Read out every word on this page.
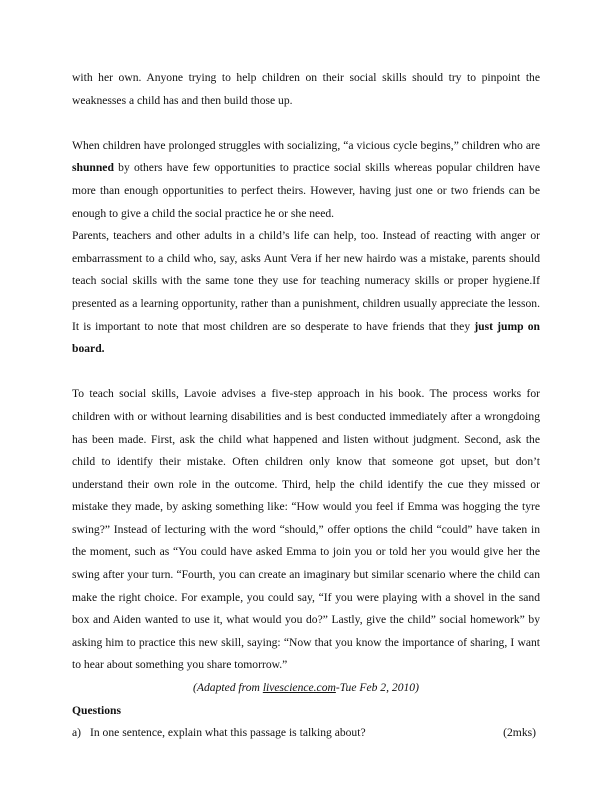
with her own. Anyone trying to help children on their social skills should try to pinpoint the weaknesses a child has and then build those up.

When children have prolonged struggles with socializing, “a vicious cycle begins,” children who are shunned by others have few opportunities to practice social skills whereas popular children have more than enough opportunities to perfect theirs. However, having just one or two friends can be enough to give a child the social practice he or she need.

Parents, teachers and other adults in a child’s life can help, too. Instead of reacting with anger or embarrassment to a child who, say, asks Aunt Vera if her new hairdo was a mistake, parents should teach social skills with the same tone they use for teaching numeracy skills or proper hygiene.If presented as a learning opportunity, rather than a punishment, children usually appreciate the lesson. It is important to note that most children are so desperate to have friends that they just jump on board.

To teach social skills, Lavoie advises a five-step approach in his book. The process works for children with or without learning disabilities and is best conducted immediately after a wrongdoing has been made. First, ask the child what happened and listen without judgment. Second, ask the child to identify their mistake. Often children only know that someone got upset, but don’t understand their own role in the outcome. Third, help the child identify the cue they missed or mistake they made, by asking something like: “How would you feel if Emma was hogging the tyre swing?” Instead of lecturing with the word “should,” offer options the child “could” have taken in the moment, such as “You could have asked Emma to join you or told her you would give her the swing after your turn. “Fourth, you can create an imaginary but similar scenario where the child can make the right choice. For example, you could say, “If you were playing with a shovel in the sand box and Aiden wanted to use it, what would you do?” Lastly, give the child” social homework” by asking him to practice this new skill, saying: “Now that you know the importance of sharing, I want to hear about something you share tomorrow.”

(Adapted from livescience.com-Tue Feb 2, 2010)

Questions

a) In one sentence, explain what this passage is talking about?	(2mks)
